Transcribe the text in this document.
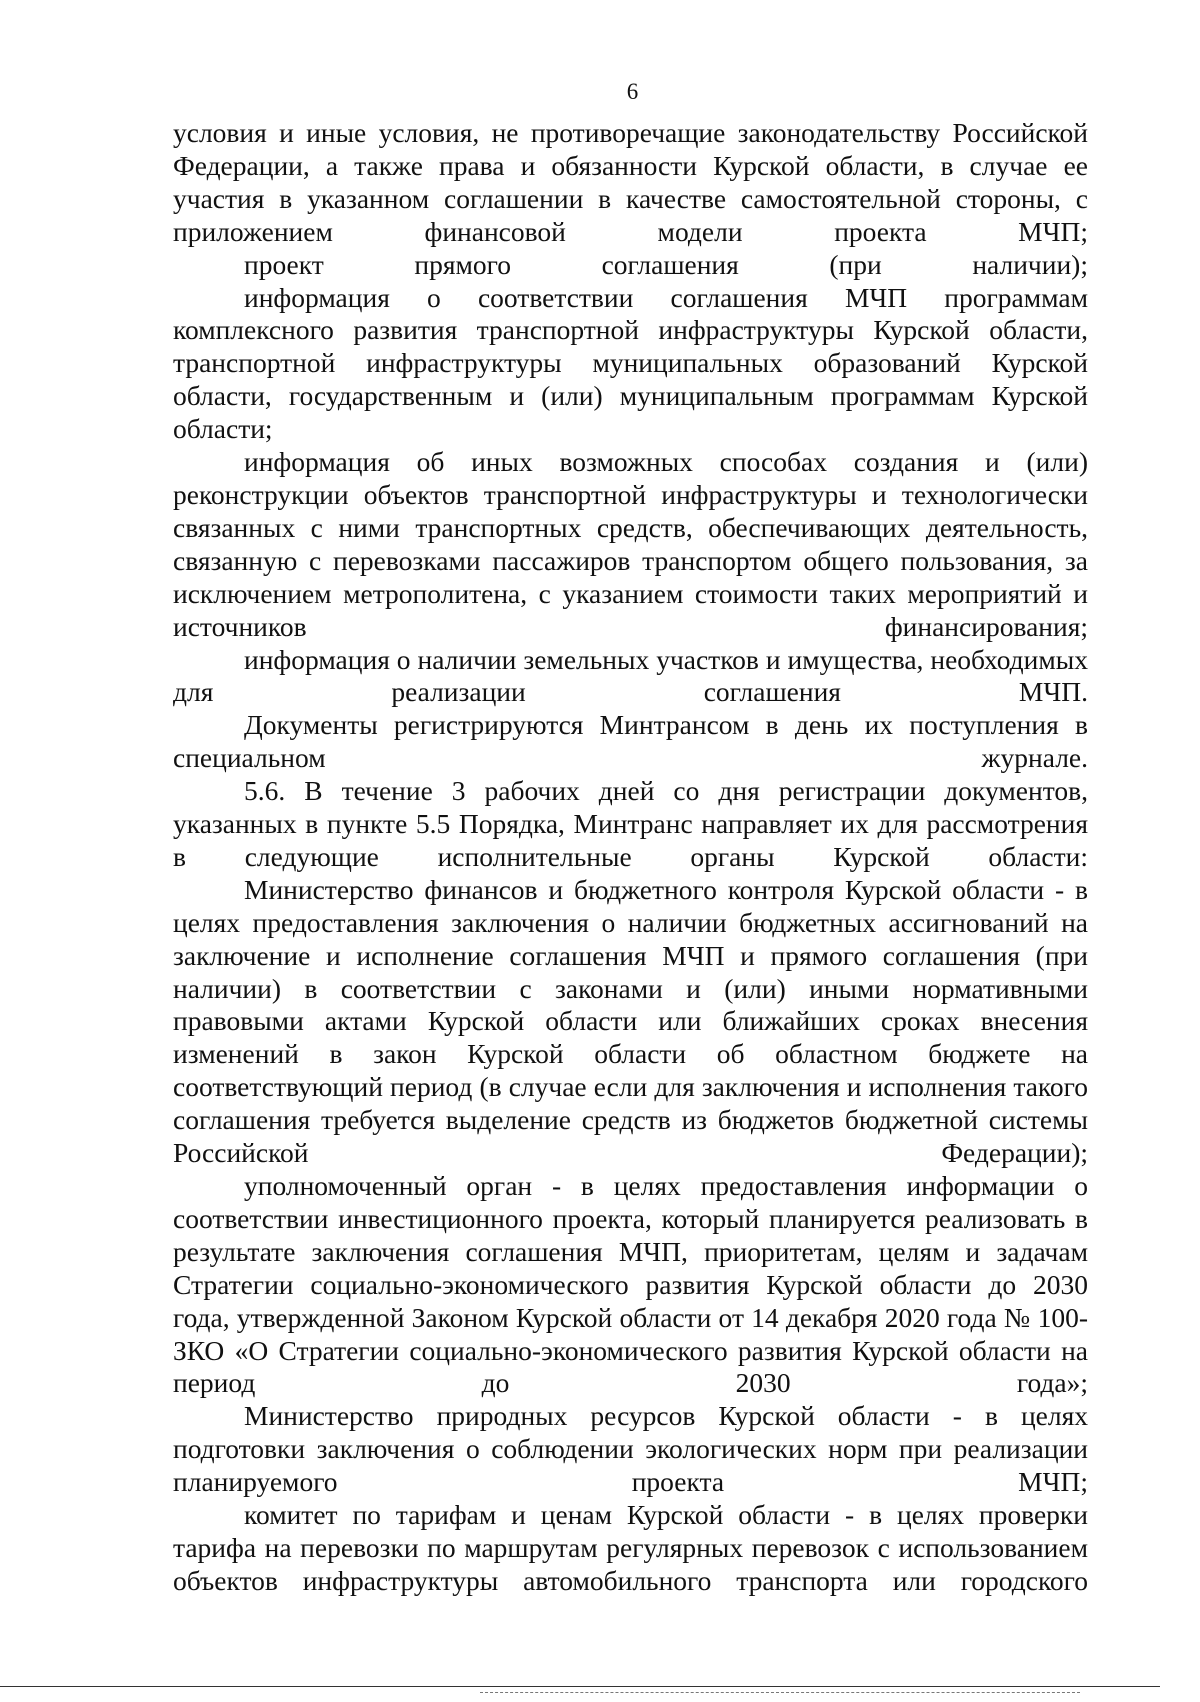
6

условия и иные условия, не противоречащие законодательству Российской Федерации, а также права и обязанности Курской области, в случае ее участия в указанном соглашении в качестве самостоятельной стороны, с приложением финансовой модели проекта МЧП;

проект прямого соглашения (при наличии);

информация о соответствии соглашения МЧП программам комплексного развития транспортной инфраструктуры Курской области, транспортной инфраструктуры муниципальных образований Курской области, государственным и (или) муниципальным программам Курской области;

информация об иных возможных способах создания и (или) реконструкции объектов транспортной инфраструктуры и технологически связанных с ними транспортных средств, обеспечивающих деятельность, связанную с перевозками пассажиров транспортом общего пользования, за исключением метрополитена, с указанием стоимости таких мероприятий и источников финансирования;

информация о наличии земельных участков и имущества, необходимых для реализации соглашения МЧП.

Документы регистрируются Минтрансом в день их поступления в специальном журнале.

5.6. В течение 3 рабочих дней со дня регистрации документов, указанных в пункте 5.5 Порядка, Минтранс направляет их для рассмотрения в следующие исполнительные органы Курской области:

Министерство финансов и бюджетного контроля Курской области - в целях предоставления заключения о наличии бюджетных ассигнований на заключение и исполнение соглашения МЧП и прямого соглашения (при наличии) в соответствии с законами и (или) иными нормативными правовыми актами Курской области или ближайших сроках внесения изменений в закон Курской области об областном бюджете на соответствующий период (в случае если для заключения и исполнения такого соглашения требуется выделение средств из бюджетов бюджетной системы Российской Федерации);

уполномоченный орган - в целях предоставления информации о соответствии инвестиционного проекта, который планируется реализовать в результате заключения соглашения МЧП, приоритетам, целям и задачам Стратегии социально-экономического развития Курской области до 2030 года, утвержденной Законом Курской области от 14 декабря 2020 года № 100-ЗКО «О Стратегии социально-экономического развития Курской области на период до 2030 года»;

Министерство природных ресурсов Курской области - в целях подготовки заключения о соблюдении экологических норм при реализации планируемого проекта МЧП;

комитет по тарифам и ценам Курской области - в целях проверки тарифа на перевозки по маршрутам регулярных перевозок с использованием объектов инфраструктуры автомобильного транспорта или городского
